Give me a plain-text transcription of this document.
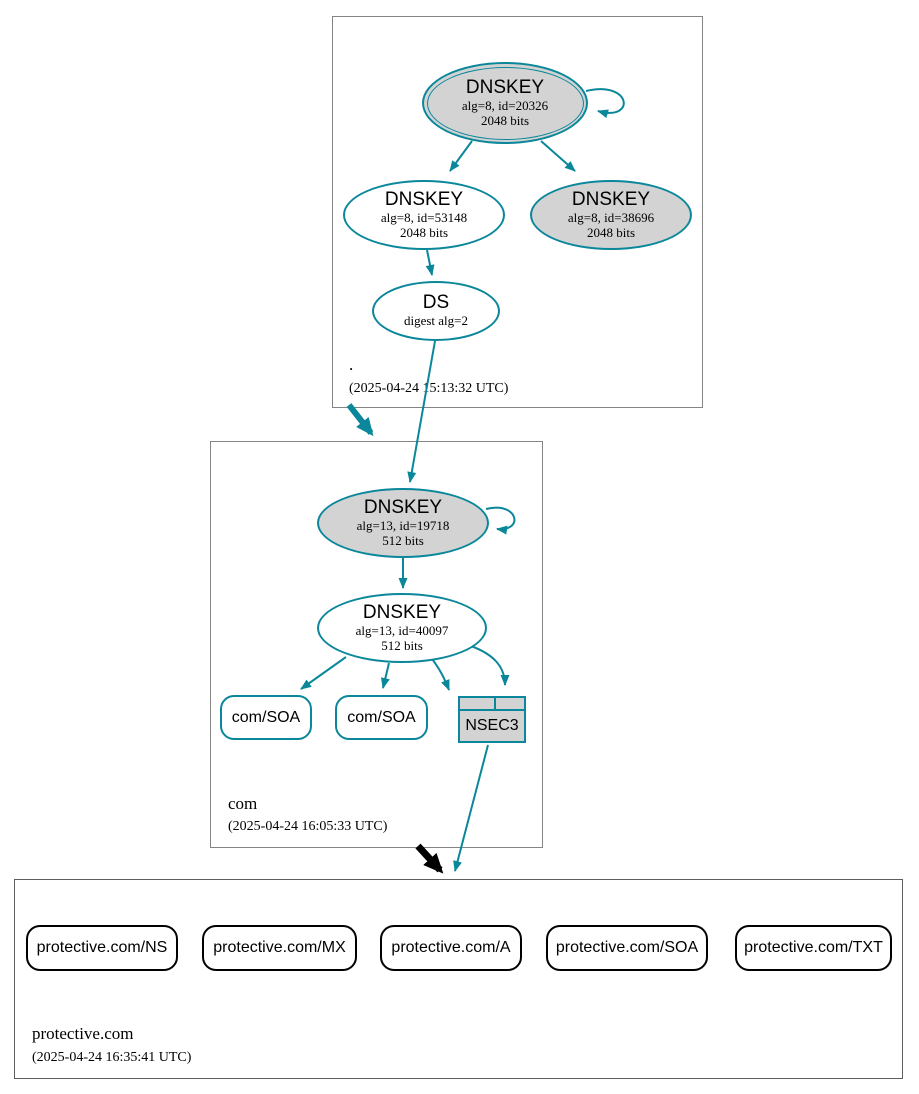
.
(2025-04-24 15:13:32 UTC)
com
(2025-04-24 16:05:33 UTC)
protective.com
(2025-04-24 16:35:41 UTC)
DNSKEY
alg=8, id=20326
2048 bits
DNSKEY
alg=8, id=53148
2048 bits
DNSKEY
alg=8, id=38696
2048 bits
DS
digest alg=2
DNSKEY
alg=13, id=19718
512 bits
DNSKEY
alg=13, id=40097
512 bits
com/SOA	com/SOA	NSEC3
protective.com/NS	protective.com/MX	protective.com/A	protective.com/SOA	protective.com/TXT
